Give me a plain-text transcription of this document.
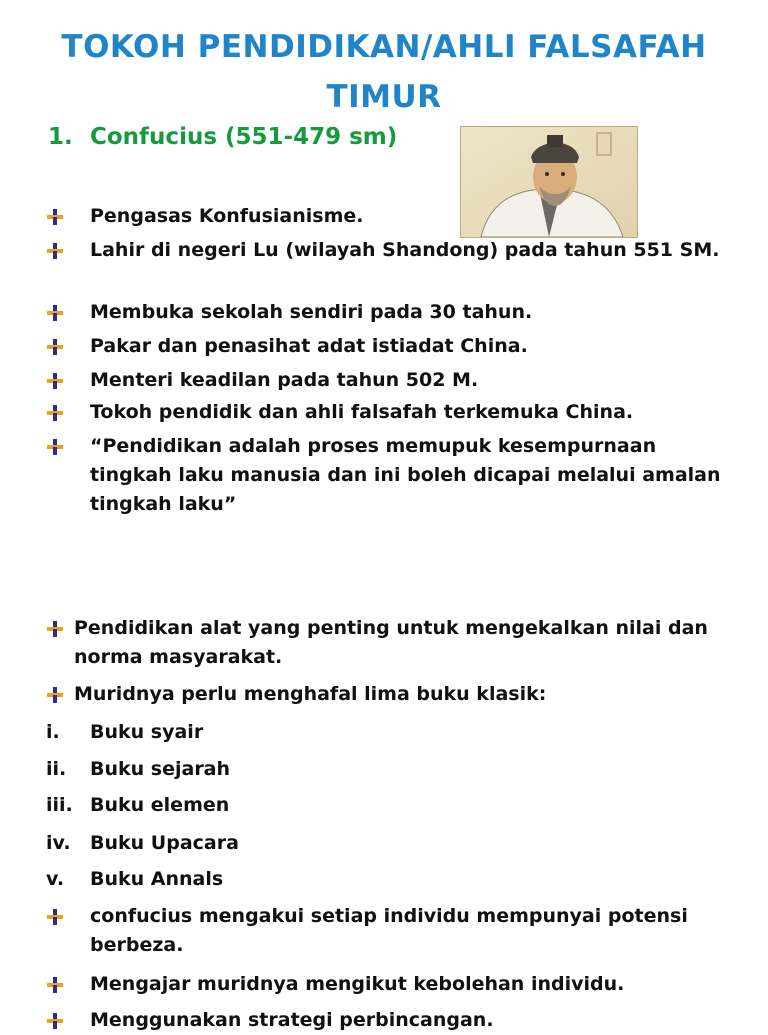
TOKOH PENDIDIKAN/AHLI FALSAFAH
TIMUR
1. Confucius (551-479 sm)
Pengasas Konfusianisme.
Lahir di negeri Lu (wilayah Shandong) pada tahun 551 SM.
Membuka sekolah sendiri pada 30 tahun.
Pakar dan penasihat adat istiadat China.
Menteri keadilan pada tahun 502 M.
Tokoh pendidik dan ahli falsafah terkemuka China.
“Pendidikan adalah proses memupuk kesempurnaan tingkah laku manusia dan ini boleh dicapai melalui amalan tingkah laku”
Pendidikan alat yang penting untuk mengekalkan nilai dan norma masyarakat.
Muridnya perlu menghafal lima buku klasik:
i. Buku syair
ii. Buku sejarah
iii. Buku elemen
iv. Buku Upacara
v. Buku Annals
confucius mengakui setiap individu mempunyai potensi berbeza.
Mengajar muridnya mengikut kebolehan individu.
Menggunakan strategi perbincangan.
